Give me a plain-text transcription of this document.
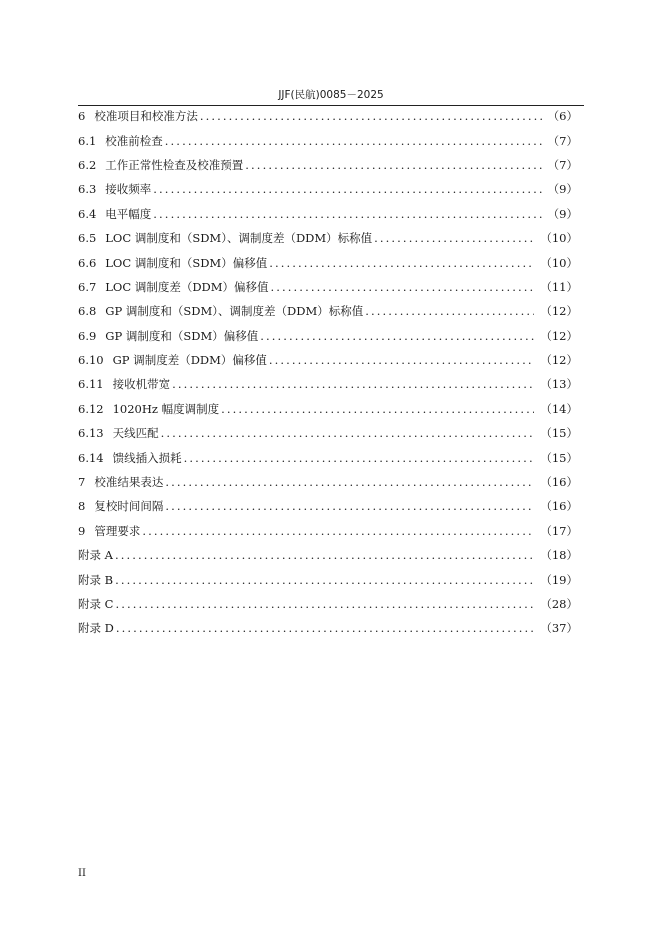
JJF(民航)0085－2025
6 校准项目和校准方法 .....	（6）
6.1 校准前检查 .....	（7）
6.2 工作正常性检查及校准预置 .....	（7）
6.3 接收频率 .....	（9）
6.4 电平幅度 .....	（9）
6.5 LOC 调制度和（SDM）、调制度差（DDM）标称值 .....	（10）
6.6 LOC 调制度和（SDM）偏移值 .....	（10）
6.7 LOC 调制度差（DDM）偏移值 .....	（11）
6.8 GP 调制度和（SDM）、调制度差（DDM）标称值 .....	（12）
6.9 GP 调制度和（SDM）偏移值 .....	（12）
6.10 GP 调制度差（DDM）偏移值 .....	（12）
6.11 接收机带宽 .....	（13）
6.12 1020Hz 幅度调制度 .....	（14）
6.13 天线匹配 .....	（15）
6.14 馈线插入损耗 .....	（15）
7 校准结果表达 .....	（16）
8 复校时间间隔 .....	（16）
9 管理要求 .....	（17）
附录 A .....	（18）
附录 B .....	（19）
附录 C .....	（28）
附录 D .....	（37）
II
